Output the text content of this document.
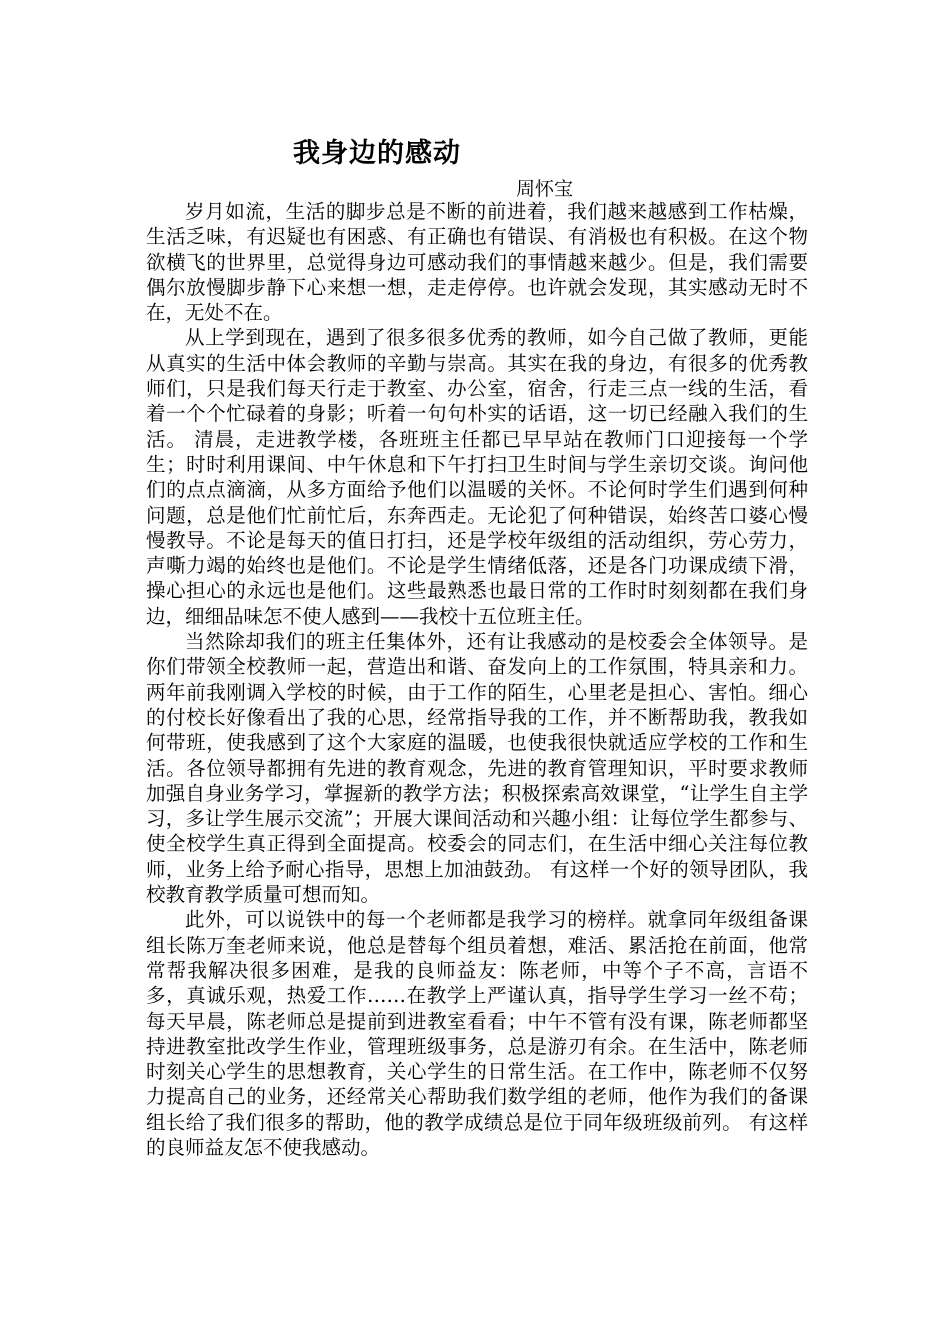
我身边的感动
周怀宝

岁月如流，生活的脚步总是不断的前进着，我们越来越感到工作枯燥，生活乏味，有迟疑也有困惑、有正确也有错误、有消极也有积极。在这个物欲横飞的世界里，总觉得身边可感动我们的事情越来越少。但是，我们需要偶尔放慢脚步静下心来想一想，走走停停。也许就会发现，其实感动无时不在，无处不在。

从上学到现在，遇到了很多很多优秀的教师，如今自己做了教师，更能从真实的生活中体会教师的辛勤与崇高。其实在我的身边，有很多的优秀教师们，只是我们每天行走于教室、办公室，宿舍，行走三点一线的生活，看着一个个忙碌着的身影；听着一句句朴实的话语，这一切已经融入我们的生活。 清晨，走进教学楼，各班班主任都已早早站在教师门口迎接每一个学生；时时利用课间、中午休息和下午打扫卫生时间与学生亲切交谈。询问他们的点点滴滴，从多方面给予他们以温暖的关怀。不论何时学生们遇到何种问题，总是他们忙前忙后，东奔西走。无论犯了何种错误，始终苦口婆心慢慢教导。不论是每天的值日打扫，还是学校年级组的活动组织，劳心劳力，声嘶力竭的始终也是他们。不论是学生情绪低落，还是各门功课成绩下滑，操心担心的永远也是他们。这些最熟悉也最日常的工作时时刻刻都在我们身边，细细品味怎不使人感到——我校十五位班主任。

当然除却我们的班主任集体外，还有让我感动的是校委会全体领导。是你们带领全校教师一起，营造出和谐、奋发向上的工作氛围，特具亲和力。两年前我刚调入学校的时候，由于工作的陌生，心里老是担心、害怕。细心的付校长好像看出了我的心思，经常指导我的工作，并不断帮助我，教我如何带班，使我感到了这个大家庭的温暖，也使我很快就适应学校的工作和生活。各位领导都拥有先进的教育观念，先进的教育管理知识，平时要求教师加强自身业务学习，掌握新的教学方法；积极探索高效课堂，“让学生自主学习，多让学生展示交流”；开展大课间活动和兴趣小组：让每位学生都参与、使全校学生真正得到全面提高。校委会的同志们，在生活中细心关注每位教师，业务上给予耐心指导，思想上加油鼓劲。 有这样一个好的领导团队，我校教育教学质量可想而知。

此外，可以说铁中的每一个老师都是我学习的榜样。就拿同年级组备课组长陈万奎老师来说，他总是替每个组员着想，难活、累活抢在前面，他常常帮我解决很多困难，是我的良师益友：陈老师，中等个子不高，言语不多，真诚乐观，热爱工作……在教学上严谨认真，指导学生学习一丝不苟； 每天早晨，陈老师总是提前到进教室看看；中午不管有没有课，陈老师都坚持进教室批改学生作业，管理班级事务，总是游刃有余。在生活中，陈老师时刻关心学生的思想教育，关心学生的日常生活。在工作中，陈老师不仅努力提高自己的业务，还经常关心帮助我们数学组的老师，他作为我们的备课组长给了我们很多的帮助，他的教学成绩总是位于同年级班级前列。 有这样的良师益友怎不使我感动。
